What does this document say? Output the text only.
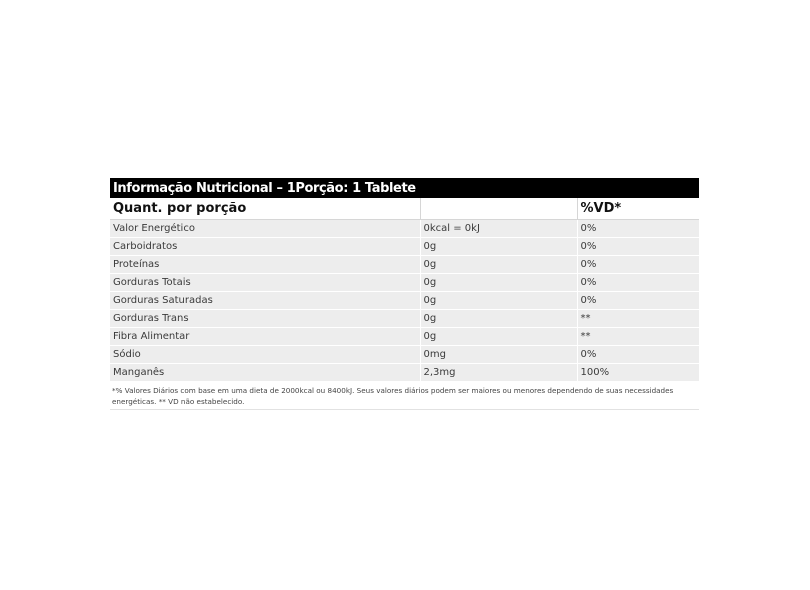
Informação Nutricional – 1Porção: 1 Tablete		
Quant. por porção		%VD*
Valor Energético	0kcal = 0kJ	0%
Carboidratos	0g	0%
Proteínas	0g	0%
Gorduras Totais	0g	0%
Gorduras Saturadas	0g	0%
Gorduras Trans	0g	**
Fibra Alimentar	0g	**
Sódio	0mg	0%
Manganês	2,3mg	100%
*% Valores Diários com base em uma dieta de 2000kcal ou 8400kJ. Seus valores diários podem ser maiores ou menores dependendo de suas necessidades energéticas. ** VD não estabelecido.		
